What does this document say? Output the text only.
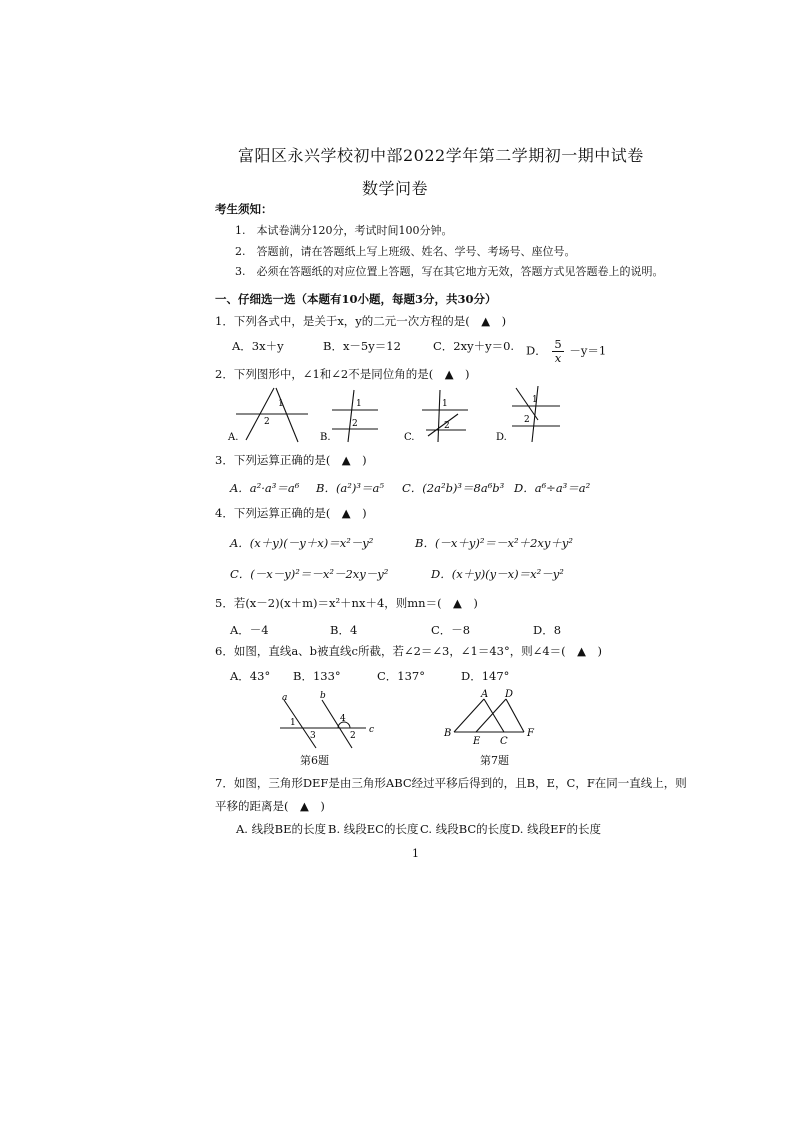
富阳区永兴学校初中部2022学年第二学期初一期中试卷
数学问卷
考生须知：
1.　本试卷满分120分，考试时间100分钟。
2.　答题前，请在答题纸上写上班级、姓名、学号、考场号、座位号。
3.　必须在答题纸的对应位置上答题，写在其它地方无效，答题方式见答题卷上的说明。
一、仔细选一选（本题有10小题，每题3分，共30分）
1．下列各式中，是关于x，y的二元一次方程的是(　▲　)
A．3x＋y	B．x－5y＝12	C．2xy＋y＝0. D． $\frac{5}{x} -y=1$
2．下列图形中，∠1和∠2不是同位角的是(　▲　)
1
2
A.
1
2
B.
1
2
C.
1
2
D.
3．下列运算正确的是(　▲　)
A．a²·a³＝a⁶ B．(a²)³＝a⁵ C．(2a²b)³＝8a⁶b³ D．a⁶÷a³＝a²
4．下列运算正确的是(　▲　)
A．(x＋y)(－y＋x)＝x²－y²	B．(－x＋y)²＝－x²＋2xy＋y²
C．(－x－y)²＝－x²－2xy－y²	D．(x＋y)(y－x)＝x²－y²
5．若(x－2)(x＋m)＝x²＋nx＋4，则mn＝(　▲　)
A．－4	B．4	C．－8	D．8
6．如图，直线a、b被直线c所截，若∠2＝∠3，∠1＝43°，则∠4＝(　▲　)
A．43° B．133°	C．137°	D．147°
a	b
c
1
3
4
2
第6题
A D
B
E C
F
第7题
7．如图，三角形DEF是由三角形ABC经过平移后得到的，且B，E，C，F在同一直线上，则
平移的距离是(　▲　)
A. 线段BE的长度 B. 线段EC的长度 C. 线段BC的长度 D. 线段EF的长度
1
